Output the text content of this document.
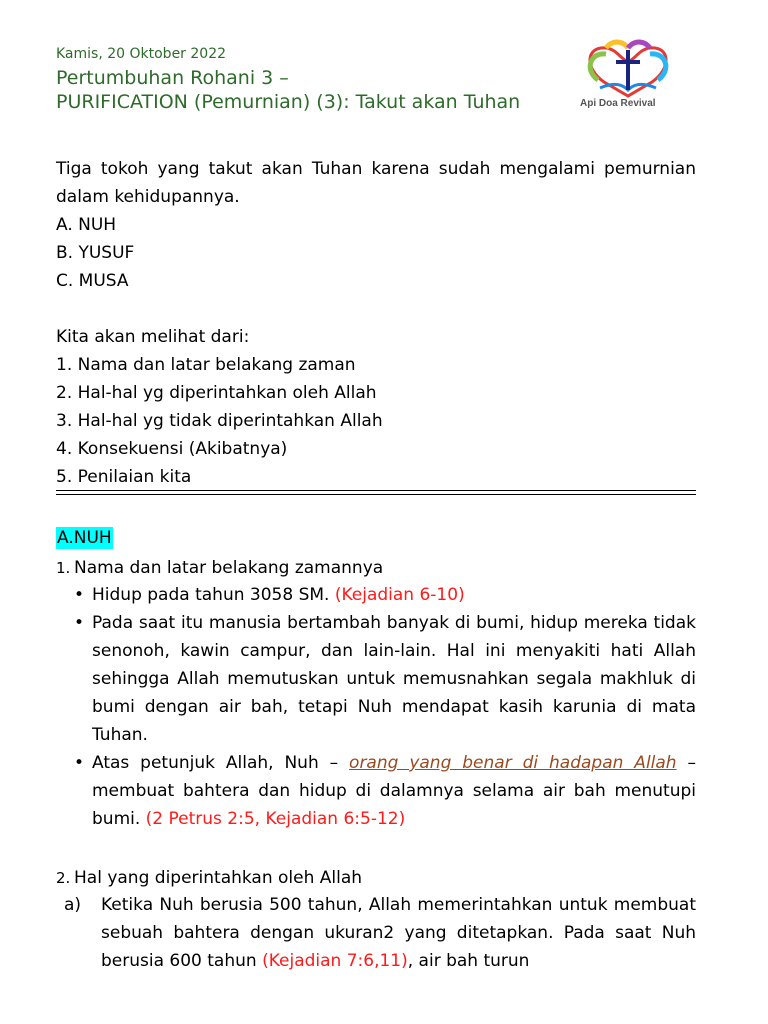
Kamis, 20 Oktober 2022
Pertumbuhan Rohani 3 –
PURIFICATION (Pemurnian) (3): Takut akan Tuhan	Api Doa Revival
Tiga tokoh yang takut akan Tuhan karena sudah mengalami pemurnian dalam kehidupannya.
A. NUH
B. YUSUF
C. MUSA
Kita akan melihat dari:
1. Nama dan latar belakang zaman
2. Hal-hal yg diperintahkan oleh Allah
3. Hal-hal yg tidak diperintahkan Allah
4. Konsekuensi (Akibatnya)
5. Penilaian kita
A.NUH
1. Nama dan latar belakang zamannya
• Hidup pada tahun 3058 SM. (Kejadian 6-10)
• Pada saat itu manusia bertambah banyak di bumi, hidup mereka tidak senonoh, kawin campur, dan lain-lain. Hal ini menyakiti hati Allah sehingga Allah memutuskan untuk memusnahkan segala makhluk di bumi dengan air bah, tetapi Nuh mendapat kasih karunia di mata Tuhan.
• Atas petunjuk Allah, Nuh – orang yang benar di hadapan Allah – membuat bahtera dan hidup di dalamnya selama air bah menutupi bumi. (2 Petrus 2:5, Kejadian 6:5-12)
2. Hal yang diperintahkan oleh Allah
a) Ketika Nuh berusia 500 tahun, Allah memerintahkan untuk membuat sebuah bahtera dengan ukuran2 yang ditetapkan. Pada saat Nuh berusia 600 tahun (Kejadian 7:6,11), air bah turun
